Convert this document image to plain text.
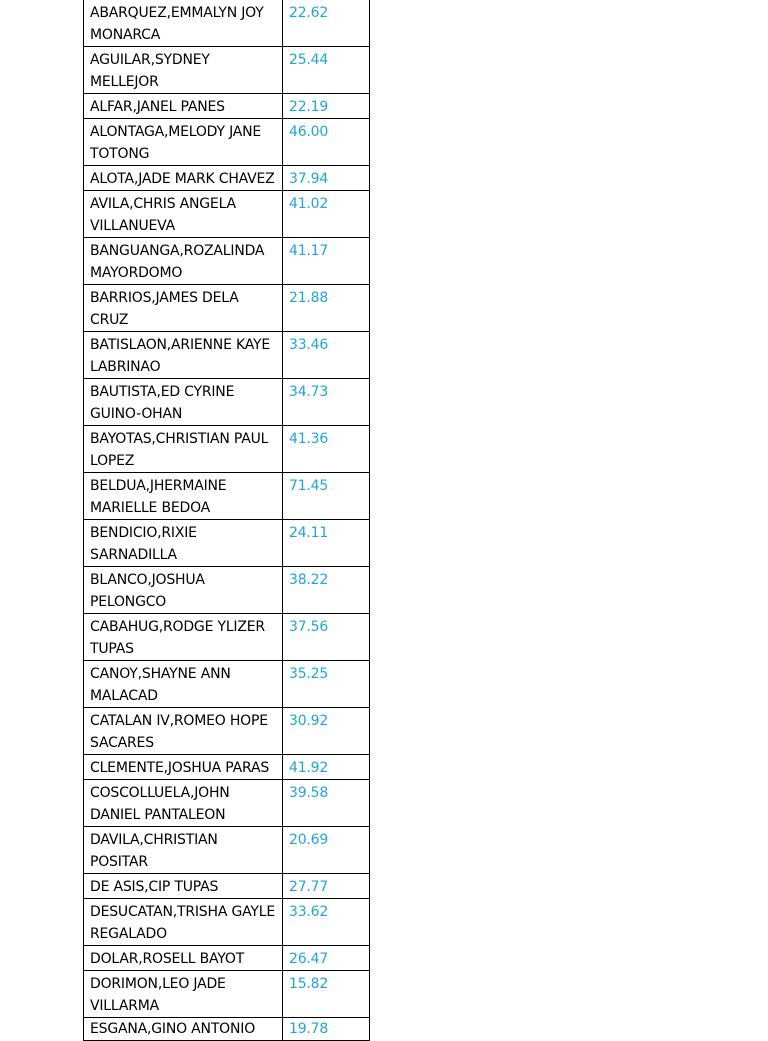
ABARQUEZ,EMMALYN JOY MONARCA	22.62
AGUILAR,SYDNEY MELLEJOR	25.44
ALFAR,JANEL PANES	22.19
ALONTAGA,MELODY JANE TOTONG	46.00
ALOTA,JADE MARK CHAVEZ	37.94
AVILA,CHRIS ANGELA VILLANUEVA	41.02
BANGUANGA,ROZALINDA MAYORDOMO	41.17
BARRIOS,JAMES DELA CRUZ	21.88
BATISLAON,ARIENNE KAYE LABRINAO	33.46
BAUTISTA,ED CYRINE GUINO-OHAN	34.73
BAYOTAS,CHRISTIAN PAUL LOPEZ	41.36
BELDUA,JHERMAINE MARIELLE BEDOA	71.45
BENDICIO,RIXIE SARNADILLA	24.11
BLANCO,JOSHUA PELONGCO	38.22
CABAHUG,RODGE YLIZER TUPAS	37.56
CANOY,SHAYNE ANN MALACAD	35.25
CATALAN IV,ROMEO HOPE SACARES	30.92
CLEMENTE,JOSHUA PARAS	41.92
COSCOLLUELA,JOHN DANIEL PANTALEON	39.58
DAVILA,CHRISTIAN POSITAR	20.69
DE ASIS,CIP TUPAS	27.77
DESUCATAN,TRISHA GAYLE REGALADO	33.62
DOLAR,ROSELL BAYOT	26.47
DORIMON,LEO JADE VILLARMA	15.82
ESGANA,GINO ANTONIO	19.78
